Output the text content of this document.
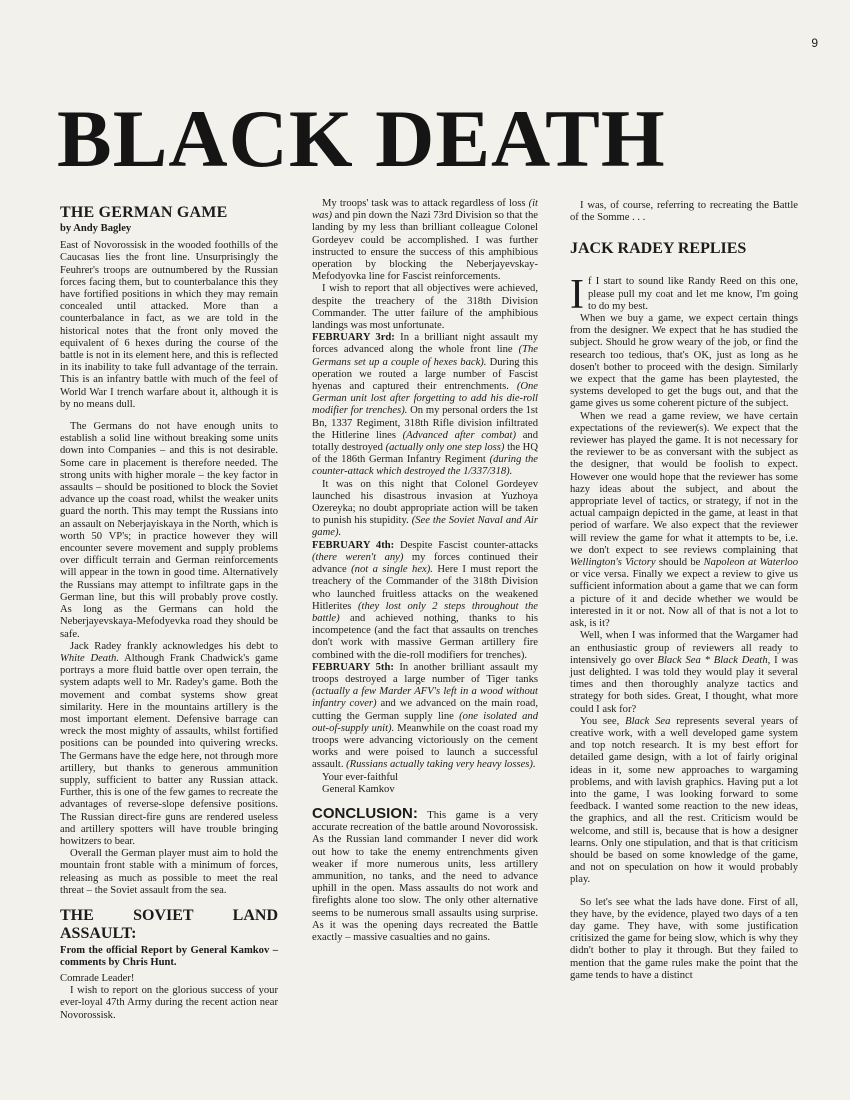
9
BLACK DEATH
THE GERMAN GAME
by Andy Bagley

East of Novorossisk in the wooded foothills of the Caucasas lies the front line. Unsurprisingly the Feuhrer's troops are outnumbered by the Russian forces facing them, but to counterbalance this they have fortified positions in which they may remain concealed until attacked. More than a counterbalance in fact, as we are told in the historical notes that the front only moved the equivalent of 6 hexes during the course of the battle is not in its element here, and this is reflected in its inability to take full advantage of the terrain. This is an infantry battle with much of the feel of World War I trench warfare about it, although it is by no means dull.

The Germans do not have enough units to establish a solid line without breaking some units down into Companies – and this is not desirable. Some care in placement is therefore needed. The strong units with higher morale – the key factor in assaults – should be positioned to block the Soviet advance up the coast road, whilst the weaker units guard the north. This may tempt the Russians into an assault on Neberjayiskaya in the North, which is worth 50 VP's; in practice however they will encounter severe movement and supply problems over difficult terrain and German reinforcements will appear in the town in good time. Alternatively the Russians may attempt to infiltrate gaps in the German line, but this will probably prove costly. As long as the Germans can hold the Neberjayevskaya-Mefodyevka road they should be safe.

Jack Radey frankly acknowledges his debt to White Death. Although Frank Chadwick's game portrays a more fluid battle over open terrain, the system adapts well to Mr. Radey's game. Both the movement and combat systems show great similarity. Here in the mountains artillery is the most important element. Defensive barrage can wreck the most mighty of assaults, whilst fortified positions can be pounded into quivering wrecks. The Germans have the edge here, not through more artillery, but thanks to generous ammunition supply, sufficient to batter any Russian attack. Further, this is one of the few games to recreate the advantages of reverse-slope defensive positions. The Russian direct-fire guns are rendered useless and artillery spotters will have trouble bringing howitzers to bear.

Overall the German player must aim to hold the mountain front stable with a minimum of forces, releasing as much as possible to meet the real threat – the Soviet assault from the sea.

THE SOVIET LAND ASSAULT:
From the official Report by General Kamkov – comments by Chris Hunt.

Comrade Leader!

I wish to report on the glorious success of your ever-loyal 47th Army during the recent action near Novorossisk.

My troops' task was to attack regardless of loss (it was) and pin down the Nazi 73rd Division so that the landing by my less than brilliant colleague Colonel Gordeyev could be accomplished. I was further instructed to ensure the success of this amphibious operation by blocking the Neberjayevskay-Mefodyovka line for Fascist reinforcements.

I wish to report that all objectives were achieved, despite the treachery of the 318th Division Commander. The utter failure of the amphibious landings was most unfortunate.

FEBRUARY 3rd: In a brilliant night assault my forces advanced along the whole front line (The Germans set up a couple of hexes back). During this operation we routed a large number of Fascist hyenas and captured their entrenchments. (One German unit lost after forgetting to add his die-roll modifier for trenches). On my personal orders the 1st Bn, 1337 Regiment, 318th Rifle division infiltrated the Hitlerine lines (Advanced after combat) and totally destroyed (actually only one step loss) the HQ of the 186th German Infantry Regiment (during the counter-attack which destroyed the 1/337/318).

It was on this night that Colonel Gordeyev launched his disastrous invasion at Yuzhoya Ozereyka; no doubt appropriate action will be taken to punish his stupidity. (See the Soviet Naval and Air game).

FEBRUARY 4th: Despite Fascist counter-attacks (there weren't any) my forces continued their advance (not a single hex). Here I must report the treachery of the Commander of the 318th Division who launched fruitless attacks on the weakened Hitlerites (they lost only 2 steps throughout the battle) and achieved nothing, thanks to his incompetence (and the fact that assaults on trenches don't work with massive German artillery fire combined with the die-roll modifiers for trenches).

FEBRUARY 5th: In another brilliant assault my troops destroyed a large number of Tiger tanks (actually a few Marder AFV's left in a wood without infantry cover) and we advanced on the main road, cutting the German supply line (one isolated and out-of-supply unit). Meanwhile on the coast road my troops were advancing victoriously on the cement works and were poised to launch a successful assault. (Russians actually taking very heavy losses).

Your ever-faithful

General Kamkov

CONCLUSION: This game is a very accurate recreation of the battle around Novorossisk. As the Russian land commander I never did work out how to take the enemy entrenchments given weaker if more numerous units, less artillery ammunition, no tanks, and the need to advance uphill in the open. Mass assaults do not work and firefights alone too slow. The only other alternative seems to be numerous small assaults using surprise. As it was the opening days recreated the Battle exactly – massive casualties and no gains.

I was, of course, referring to recreating the Battle of the Somme . . .

JACK RADEY REPLIES

If I start to sound like Randy Reed on this one, please pull my coat and let me know, I'm going to do my best.

When we buy a game, we expect certain things from the designer. We expect that he has studied the subject. Should he grow weary of the job, or find the research too tedious, that's OK, just as long as he dosen't bother to proceed with the design. Similarly we expect that the game has been playtested, the systems developed to get the bugs out, and that the game gives us some coherent picture of the subject.

When we read a game review, we have certain expectations of the reviewer(s). We expect that the reviewer has played the game. It is not necessary for the reviewer to be as conversant with the subject as the designer, that would be foolish to expect. However one would hope that the reviewer has some hazy ideas about the subject, and about the appropriate level of tactics, or strategy, if not in the actual campaign depicted in the game, at least in that period of warfare. We also expect that the reviewer will review the game for what it attempts to be, i.e. we don't expect to see reviews complaining that Wellington's Victory should be Napoleon at Waterloo or vice versa. Finally we expect a review to give us sufficient information about a game that we can form a picture of it and decide whether we would be interested in it or not. Now all of that is not a lot to ask, is it?

Well, when I was informed that the Wargamer had an enthusiastic group of reviewers all ready to intensively go over Black Sea * Black Death, I was just delighted. I was told they would play it several times and then thoroughly analyze tactics and strategy for both sides. Great, I thought, what more could I ask for?

You see, Black Sea represents several years of creative work, with a well developed game system and top notch research. It is my best effort for detailed game design, with a lot of fairly original ideas in it, some new approaches to wargaming problems, and with lavish graphics. Having put a lot into the game, I was looking forward to some feedback. I wanted some reaction to the new ideas, the graphics, and all the rest. Criticism would be welcome, and still is, because that is how a designer learns. Only one stipulation, and that is that criticism should be based on some knowledge of the game, and not on speculation on how it would probably play.

So let's see what the lads have done. First of all, they have, by the evidence, played two days of a ten day game. They have, with some justification critisized the game for being slow, which is why they didn't bother to play it through. But they failed to mention that the game rules make the point that the game tends to have a distinct
